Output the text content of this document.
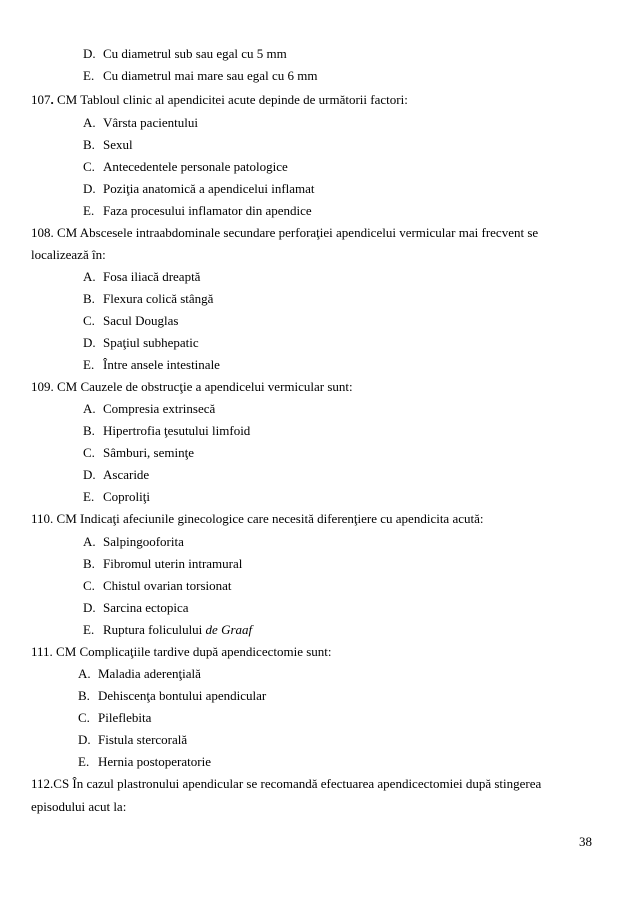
D. Cu diametrul sub sau egal cu 5 mm
E. Cu diametrul mai mare sau egal cu 6 mm
107. CM Tabloul clinic al apendicitei acute depinde de următorii factori:
A. Vârsta pacientului
B. Sexul
C. Antecedentele personale patologice
D. Poziţia anatomică a apendicelui inflamat
E. Faza procesului inflamator din apendice
108. CM Abscesele intraabdominale secundare perforaţiei apendicelui vermicular mai frecvent se
localizează în:
A. Fosa iliacă dreaptă
B. Flexura colică stângă
C. Sacul Douglas
D. Spaţiul subhepatic
E. Între ansele intestinale
109. CM Cauzele de obstrucţie a apendicelui vermicular sunt:
A. Compresia extrinsecă
B. Hipertrofia ţesutului limfoid
C. Sâmburi, seminţe
D. Ascaride
E. Coproliţi
110. CM Indicaţi afeciunile ginecologice care necesită diferenţiere cu apendicita acută:
A. Salpingooforita
B. Fibromul uterin intramural
C. Chistul ovarian torsionat
D. Sarcina ectopica
E. Ruptura foliculului de Graaf
111. CM Complicaţiile tardive după apendicectomie sunt:
A. Maladia aderenţială
B. Dehiscenţa bontului apendicular
C. Pileflebita
D. Fistula stercorală
E. Hernia postoperatorie
112.CS În cazul plastronului apendicular se recomandă efectuarea apendicectomiei după stingerea
episodului acut la:
38
